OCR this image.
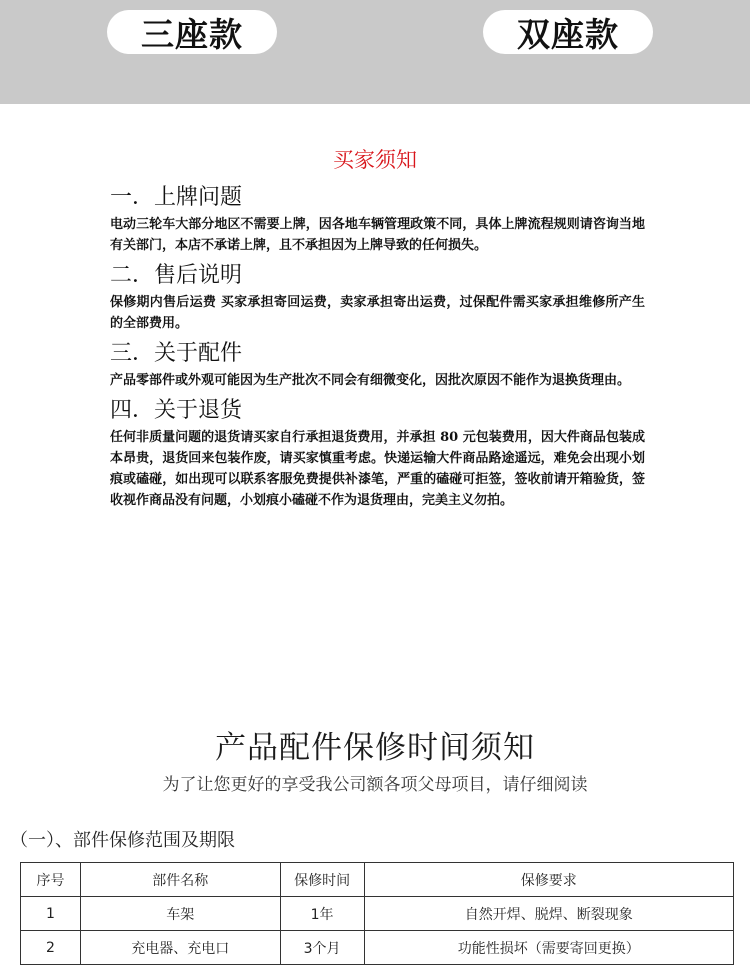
三座款	双座款
买家须知
一．上牌问题

电动三轮车大部分地区不需要上牌，因各地车辆管理政策不同，具体上牌流程规则请咨询当地有关部门，本店不承诺上牌，且不承担因为上牌导致的任何损失。

二．售后说明

保修期内售后运费 买家承担寄回运费，卖家承担寄出运费，过保配件需买家承担维修所产生的全部费用。

三．关于配件

产品零部件或外观可能因为生产批次不同会有细微变化，因批次原因不能作为退换货理由。

四．关于退货

任何非质量问题的退货请买家自行承担退货费用，并承担 80 元包装费用，因大件商品包装成本昂贵，退货回来包装作废，请买家慎重考虑。快递运输大件商品路途遥远，难免会出现小划痕或磕碰，如出现可以联系客服免费提供补漆笔，严重的磕碰可拒签，签收前请开箱验货，签收视作商品没有问题，小划痕小磕碰不作为退货理由，完美主义勿拍。

产品配件保修时间须知
为了让您更好的享受我公司额各项父母项目，请仔细阅读
（一）、部件保修范围及期限
序号	部件名称	保修时间	保修要求
1	车架	1年	自然开焊、脱焊、断裂现象
2	充电器、充电口	3个月	功能性损坏（需要寄回更换）
